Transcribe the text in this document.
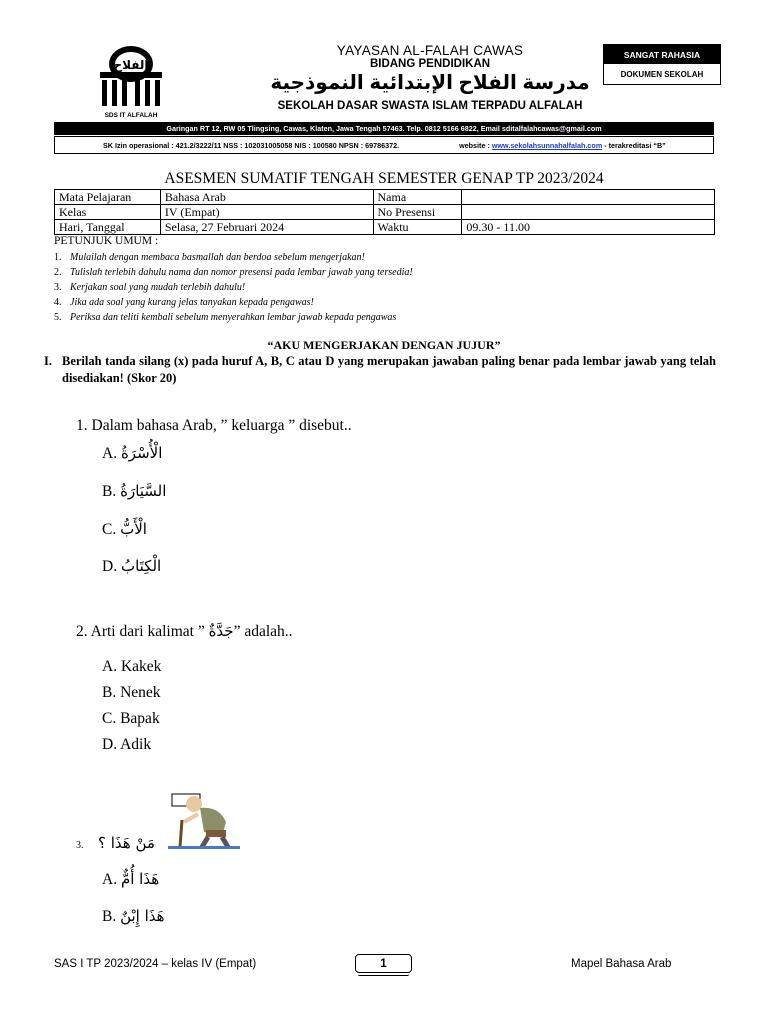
الفلاح
SDS IT ALFALAH
YAYASAN AL-FALAH CAWAS
BIDANG PENDIDIKAN
مدرسة الفلاح الإبتدائية النموذجية
SEKOLAH DASAR SWASTA ISLAM TERPADU ALFALAH
SANGAT RAHASIA
DOKUMEN SEKOLAH
Garingan RT 12, RW 05 Tlingsing, Cawas, Klaten, Jawa Tengah 57463. Telp. 0812 5166 6822, Email sditalfalahcawas@gmail.com
SK Izin operasional : 421.2/3222/11 NSS : 102031005058 NIS : 100580 NPSN : 69786372.	website : www.sekolahsunnahalfalah.com - terakreditasi “B”
ASESMEN SUMATIF TENGAH SEMESTER GENAP TP 2023/2024
Mata Pelajaran	Bahasa Arab	Nama	
Kelas	IV (Empat)	No Presensi	
Hari, Tanggal	Selasa, 27 Februari 2024	Waktu	09.30 - 11.00
PETUNJUK UMUM :
1. Mulailah dengan membaca basmallah dan berdoa sebelum mengerjakan!
2. Tulislah terlebih dahulu nama dan nomor presensi pada lembar jawab yang tersedia!
3. Kerjakan soal yang mudah terlebih dahulu!
4. Jika ada soal yang kurang jelas tanyakan kepada pengawas!
5. Periksa dan teliti kembali sebelum menyerahkan lembar jawab kepada pengawas
“AKU MENGERJAKAN DENGAN JUJUR”
I. Berilah tanda silang (x) pada huruf A, B, C atau D yang merupakan jawaban paling benar pada lembar jawab yang telah disediakan! (Skor 20)
1. Dalam bahasa Arab, ” keluarga ” disebut..
A. الْأُسْرَةُ
B. السَّيَارَةُ
C. الْأَبُّ
D. الْكِتَابُ
2. Arti dari kalimat ” جَدَّةٌ” adalah..
A. Kakek
B. Nenek
C. Bapak
D. Adik
3. مَنْ هَذَا ؟
A. هَذَا أُمٌّ
B. هَذَا إِبْنٌ
SAS I TP 2023/2024 – kelas IV (Empat)	1	Mapel Bahasa Arab
